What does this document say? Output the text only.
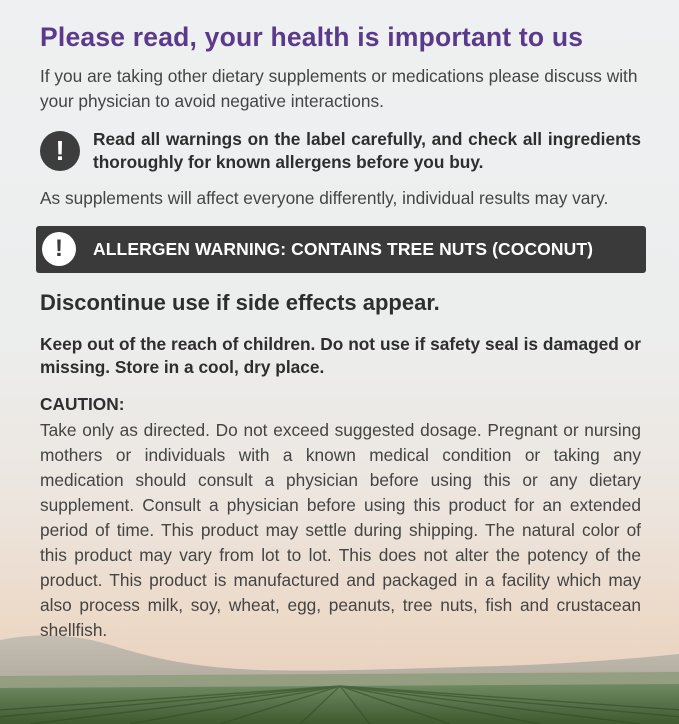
Please read, your health is important to us
If you are taking other dietary supplements or medications please discuss with your physician to avoid negative interactions.
!	Read all warnings on the label carefully, and check all ingredients thoroughly for known allergens before you buy.
As supplements will affect everyone differently, individual results may vary.
!	ALLERGEN WARNING: CONTAINS TREE NUTS (COCONUT)
Discontinue use if side effects appear.
Keep out of the reach of children. Do not use if safety seal is damaged or missing. Store in a cool, dry place.
CAUTION:
Take only as directed. Do not exceed suggested dosage. Pregnant or nursing mothers or individuals with a known medical condition or taking any medication should consult a physician before using this or any dietary supplement. Consult a physician before using this product for an extended period of time. This product may settle during shipping. The natural color of this product may vary from lot to lot. This does not alter the potency of the product. This product is manufactured and packaged in a facility which may also process milk, soy, wheat, egg, peanuts, tree nuts, fish and crustacean shellfish.
